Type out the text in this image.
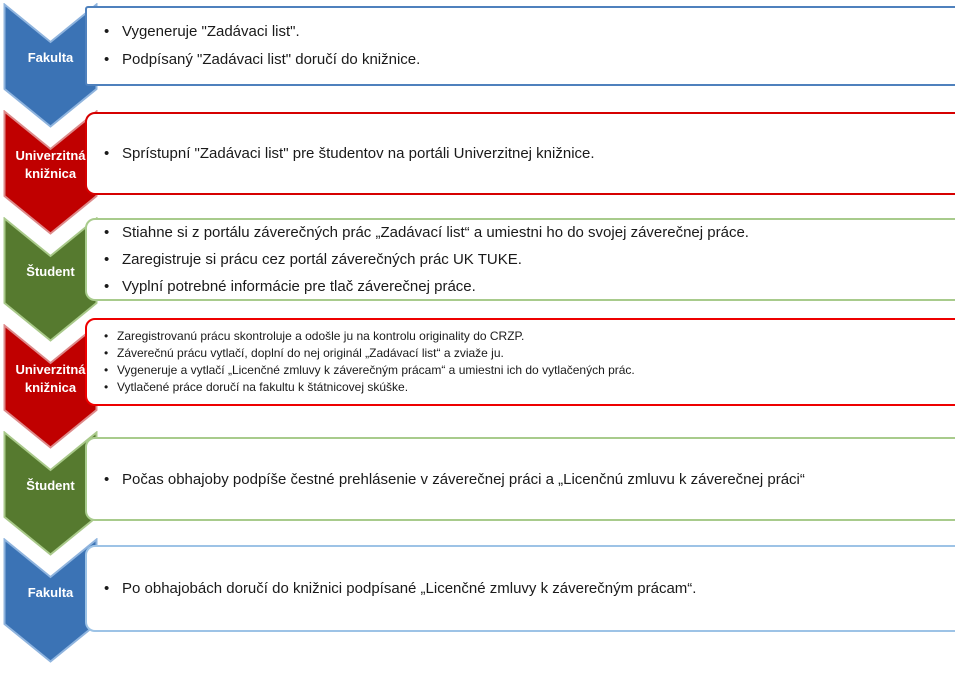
Fakulta
• Vygeneruje "Zadávaci list".
• Podpísaný "Zadávaci list" doručí do knižnice.
Univerzitná knižnica
• Sprístupní "Zadávaci list" pre študentov na portáli Univerzitnej knižnice.
Študent
• Stiahne si z portálu záverečných prác „Zadávací list“ a umiestni ho do svojej záverečnej práce.
• Zaregistruje si prácu cez portál záverečných prác UK TUKE.
• Vyplní potrebné informácie pre tlač záverečnej práce.
Univerzitná knižnica
• Zaregistrovanú prácu skontroluje a odošle ju na kontrolu originality do CRZP.
• Záverečnú prácu vytlačí, doplní do nej originál „Zadávací list“ a zviaže ju.
• Vygeneruje a vytlačí „Licenčné zmluvy k záverečným prácam“ a umiestni ich do vytlačených prác.
• Vytlačené práce doručí na fakultu k štátnicovej skúške.
Študent	• Počas obhajoby podpíše čestné prehlásenie v záverečnej práci a „Licenčnú zmluvu k záverečnej práci“
Fakulta	• Po obhajobách doručí do knižnici podpísané „Licenčné zmluvy k záverečným prácam“.
